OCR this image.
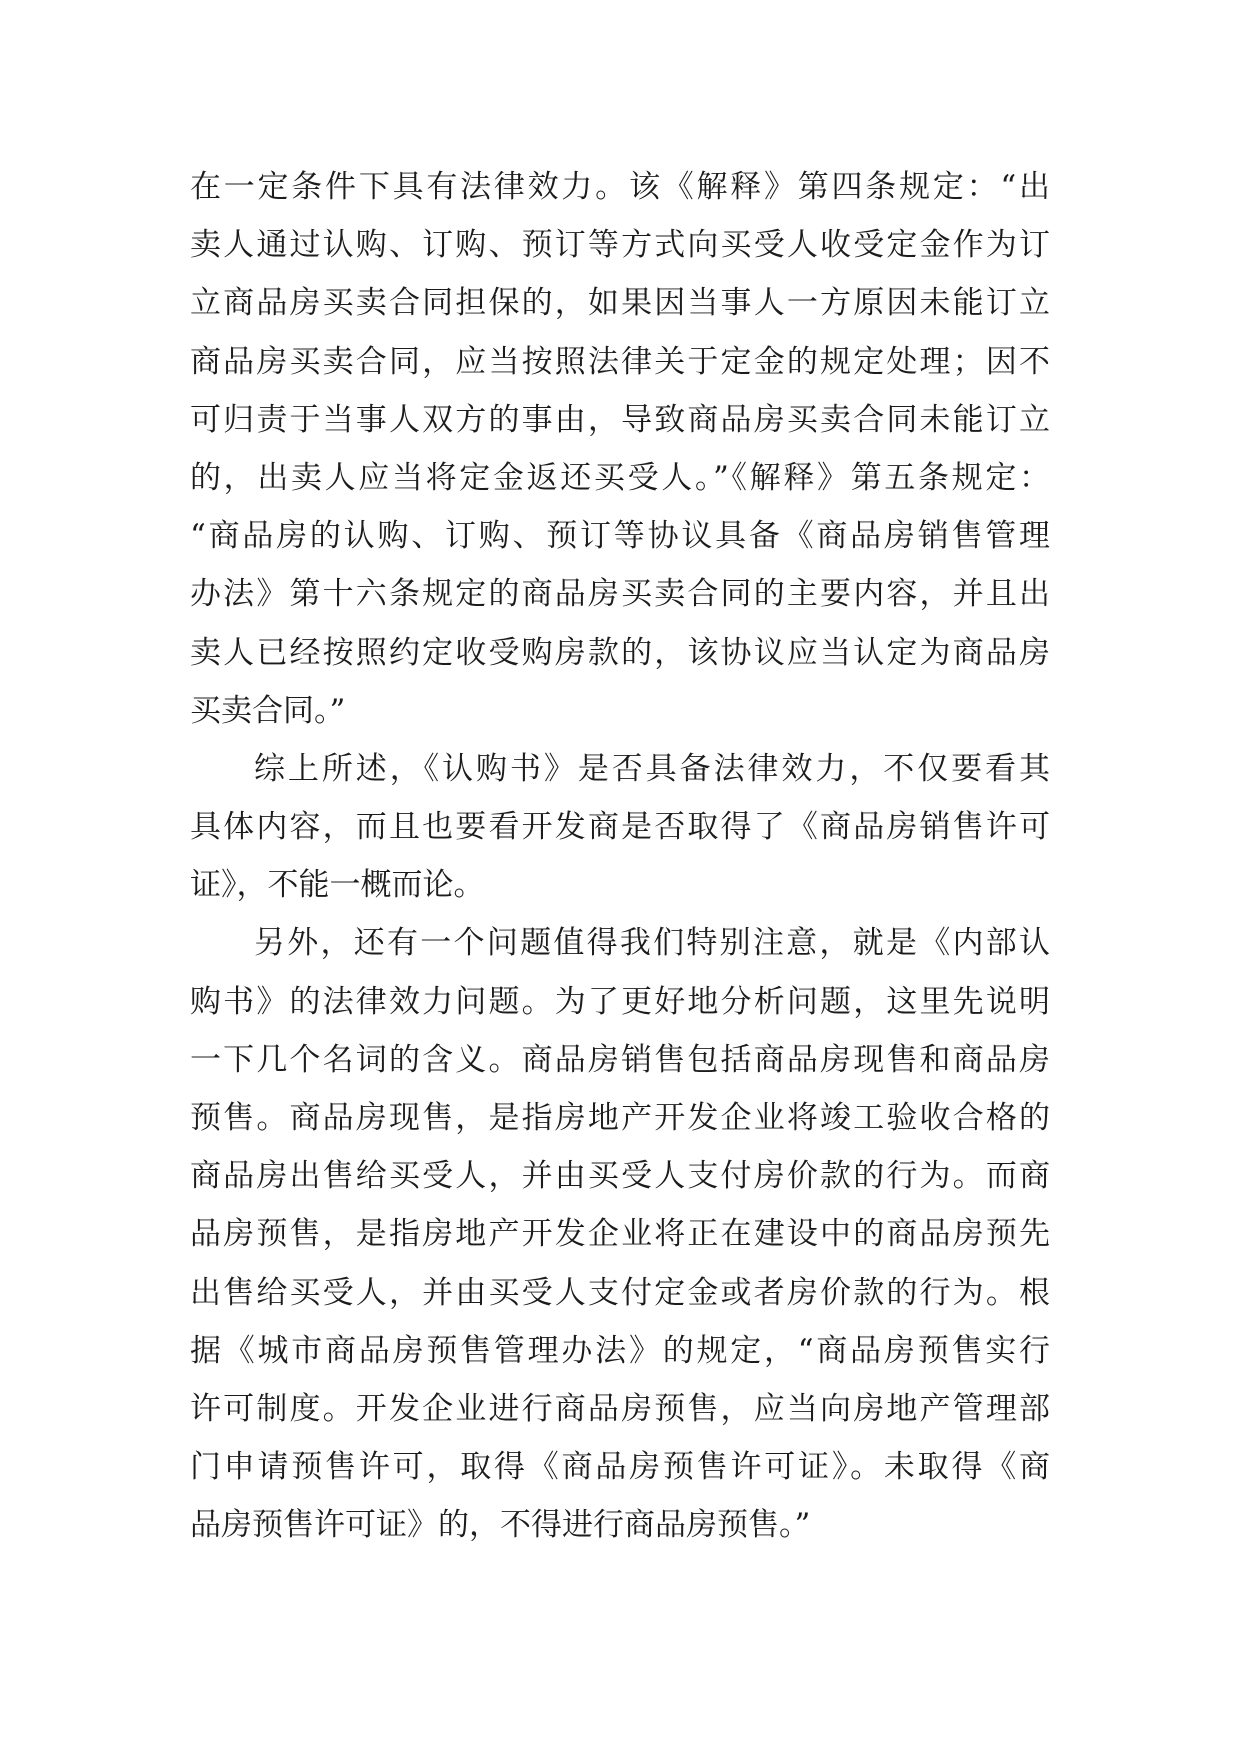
在一定条件下具有法律效力。该《解释》第四条规定：“出
卖人通过认购、订购、预订等方式向买受人收受定金作为订
立商品房买卖合同担保的，如果因当事人一方原因未能订立
商品房买卖合同，应当按照法律关于定金的规定处理；因不
可归责于当事人双方的事由，导致商品房买卖合同未能订立
的，出卖人应当将定金返还买受人。”《解释》第五条规定：
“商品房的认购、订购、预订等协议具备《商品房销售管理
办法》第十六条规定的商品房买卖合同的主要内容，并且出
卖人已经按照约定收受购房款的，该协议应当认定为商品房
买卖合同。”
综上所述，《认购书》是否具备法律效力，不仅要看其
具体内容，而且也要看开发商是否取得了《商品房销售许可
证》，不能一概而论。
另外，还有一个问题值得我们特别注意，就是《内部认
购书》的法律效力问题。为了更好地分析问题，这里先说明
一下几个名词的含义。商品房销售包括商品房现售和商品房
预售。商品房现售，是指房地产开发企业将竣工验收合格的
商品房出售给买受人，并由买受人支付房价款的行为。而商
品房预售，是指房地产开发企业将正在建设中的商品房预先
出售给买受人，并由买受人支付定金或者房价款的行为。根
据《城市商品房预售管理办法》的规定，“商品房预售实行
许可制度。开发企业进行商品房预售，应当向房地产管理部
门申请预售许可，取得《商品房预售许可证》。未取得《商
品房预售许可证》的，不得进行商品房预售。”
